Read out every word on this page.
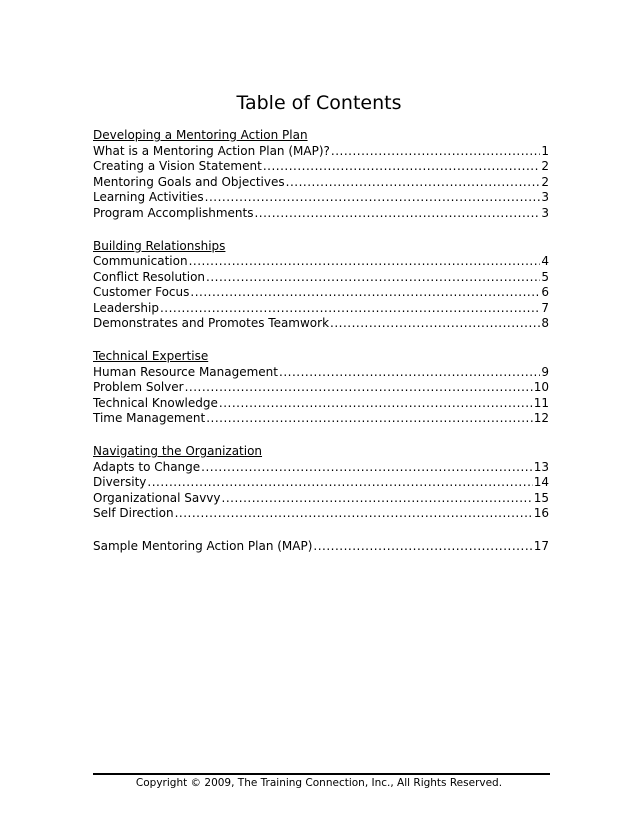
Table of Contents
Developing a Mentoring Action Plan
What is a Mentoring Action Plan (MAP)? .....	1
Creating a Vision Statement .....	2
Mentoring Goals and Objectives .....	2
Learning Activities .....	3
Program Accomplishments .....	3
Building Relationships
Communication .....	4
Conflict Resolution .....	5
Customer Focus .....	6
Leadership .....	7
Demonstrates and Promotes Teamwork .....	8
Technical Expertise
Human Resource Management .....	9
Problem Solver .....	10
Technical Knowledge .....	11
Time Management .....	12
Navigating the Organization
Adapts to Change .....	13
Diversity .....	14
Organizational Savvy .....	15
Self Direction .....	16
Sample Mentoring Action Plan (MAP) .....	17
Copyright © 2009, The Training Connection, Inc., All Rights Reserved.
